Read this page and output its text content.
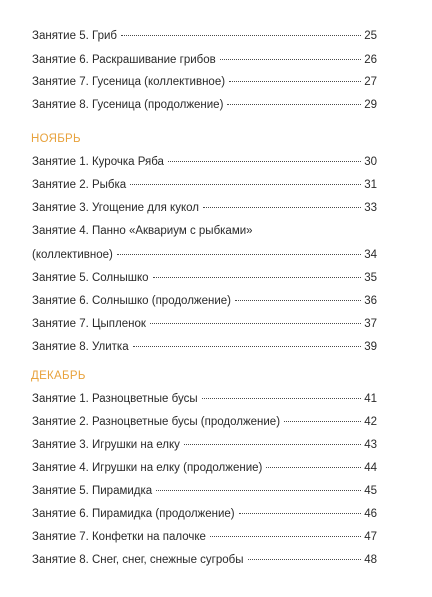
Занятие 5. Гриб	25
Занятие 6. Раскрашивание грибов	26
Занятие 7. Гусеница (коллективное)	27
Занятие 8. Гусеница (продолжение)	29
НОЯБРЬ
Занятие 1. Курочка Ряба	30
Занятие 2. Рыбка	31
Занятие 3. Угощение для кукол	33
Занятие 4. Панно «Аквариум с рыбками»
(коллективное)	34
Занятие 5. Солнышко	35
Занятие 6. Солнышко (продолжение)	36
Занятие 7. Цыпленок	37
Занятие 8. Улитка	39
ДЕКАБРЬ
Занятие 1. Разноцветные бусы	41
Занятие 2. Разноцветные бусы (продолжение)	42
Занятие 3. Игрушки на елку	43
Занятие 4. Игрушки на елку (продолжение)	44
Занятие 5. Пирамидка	45
Занятие 6. Пирамидка (продолжение)	46
Занятие 7. Конфетки на палочке	47
Занятие 8. Снег, снег, снежные сугробы	48
